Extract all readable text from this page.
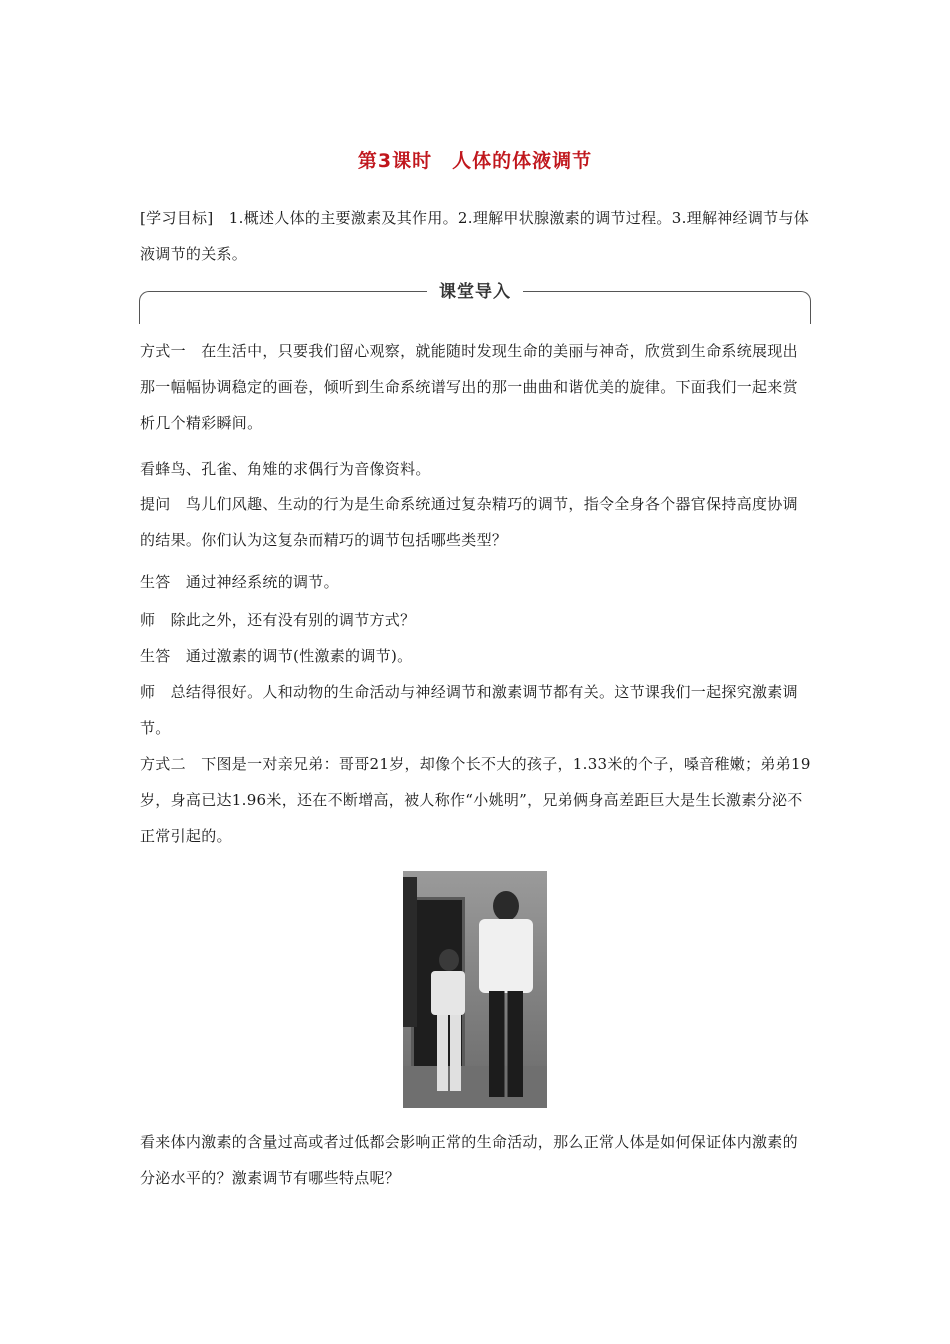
第3课时　人体的体液调节
[学习目标]　1.概述人体的主要激素及其作用。2.理解甲状腺激素的调节过程。3.理解神经调节与体液调节的关系。
课堂导入

方式一　在生活中，只要我们留心观察，就能随时发现生命的美丽与神奇，欣赏到生命系统展现出那一幅幅协调稳定的画卷，倾听到生命系统谱写出的那一曲曲和谐优美的旋律。下面我们一起来赏析几个精彩瞬间。

看蜂鸟、孔雀、角雉的求偶行为音像资料。

提问　鸟儿们风趣、生动的行为是生命系统通过复杂精巧的调节，指令全身各个器官保持高度协调的结果。你们认为这复杂而精巧的调节包括哪些类型？

生答　通过神经系统的调节。

师　除此之外，还有没有别的调节方式？

生答　通过激素的调节(性激素的调节)。

师　总结得很好。人和动物的生命活动与神经调节和激素调节都有关。这节课我们一起探究激素调节。

方式二　下图是一对亲兄弟：哥哥21岁，却像个长不大的孩子，1.33米的个子，嗓音稚嫩；弟弟19岁，身高已达1.96米，还在不断增高，被人称作“小姚明”，兄弟俩身高差距巨大是生长激素分泌不正常引起的。

看来体内激素的含量过高或者过低都会影响正常的生命活动，那么正常人体是如何保证体内激素的分泌水平的？激素调节有哪些特点呢？
